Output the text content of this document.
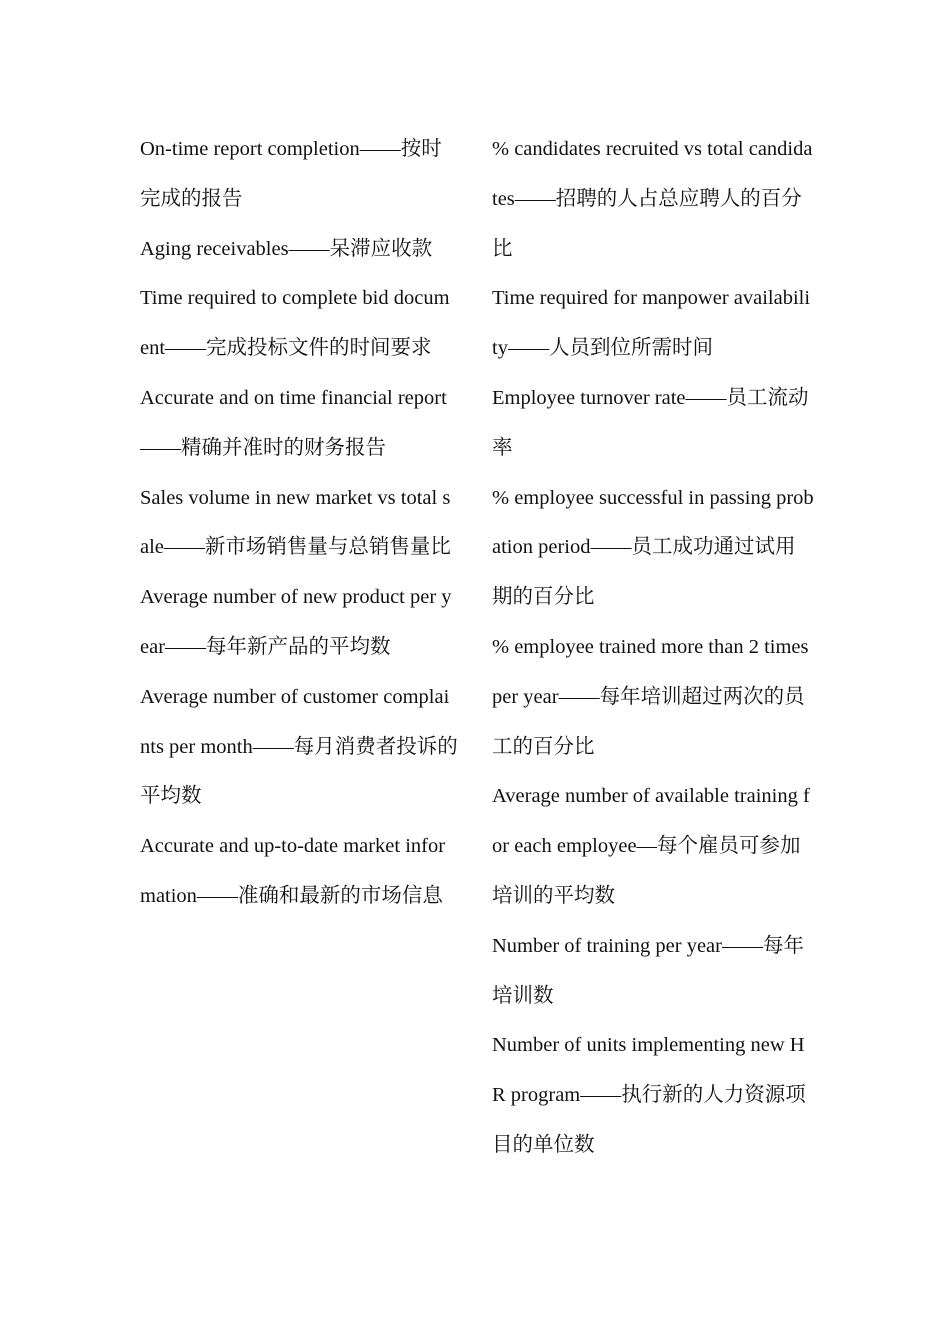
On-time report completion——按时完成的报告
Aging receivables——呆滞应收款
Time required to complete bid document——完成投标文件的时间要求
Accurate and on time financial report——精确并准时的财务报告
Sales volume in new market vs total sale——新市场销售量与总销售量比
Average number of new product per year——每年新产品的平均数
Average number of customer complaints per month——每月消费者投诉的平均数
Accurate and up-to-date market information——准确和最新的市场信息
% candidates recruited vs total candidates——招聘的人占总应聘人的百分比
Time required for manpower availability——人员到位所需时间
Employee turnover rate——员工流动率
% employee successful in passing probation period——员工成功通过试用期的百分比
% employee trained more than 2 times per year——每年培训超过两次的员工的百分比
Average number of available training for each employee—每个雇员可参加培训的平均数
Number of training per year——每年培训数
Number of units implementing new HR program——执行新的人力资源项目的单位数
